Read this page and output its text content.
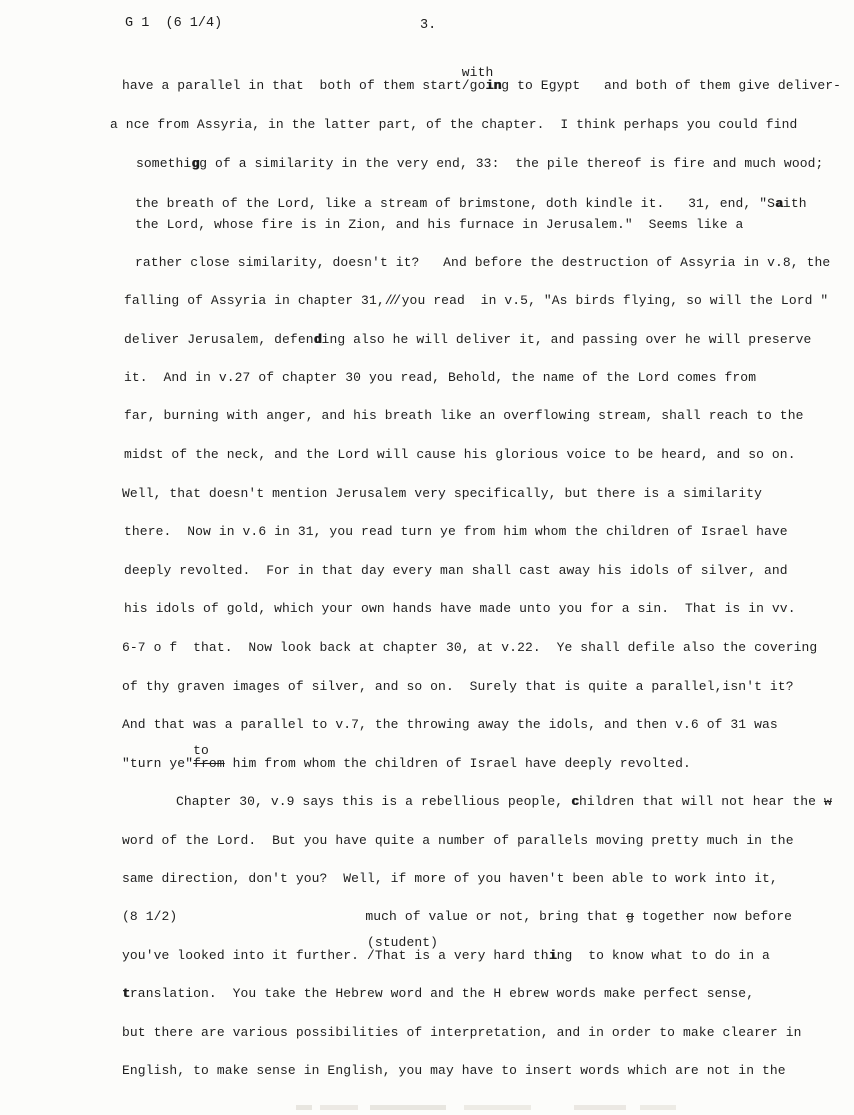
G 1  (6 1/4)	3.
have a parallel in that  both of them start/
with
going to Egypt   and both of them give deliver-
a nce from Assyria, in the latter part, of the chapter.  I think perhaps you could find
somethigg of a similarity in the very end, 33:  the pile thereof is fire and much wood;
the breath of the Lord, like a stream of brimstone, doth kindle it.   31, end, "Saith
the Lord, whose fire is in Zion, and his furnace in Jerusalem."  Seems like a
rather close similarity, doesn't it?   And before the destruction of Assyria in v.8, the
falling of Assyria in chapter 31,/// you read  in v.5, "As birds flying, so will the Lord "
deliver Jerusalem, defending also he will deliver it, and passing over he will preserve
it.  And in v.27 of chapter 30 you read, Behold, the name of the Lord comes from
far, burning with anger, and his breath like an overflowing stream, shall reach to the
midst of the neck, and the Lord will cause his glorious voice to be heard, and so on.
Well, that doesn't mention Jerusalem very specifically, but there is a similarity
there.  Now in v.6 in 31, you read turn ye from him whom the children of Israel have
deeply revolted.  For in that day every man shall cast away his idols of silver, and
his idols of gold, which your own hands have made unto you for a sin.  That is in vv.
6-7 o f  that.  Now look back at chapter 30, at v.22.  Ye shall defile also the covering
of thy graven images of silver, and so on.  Surely that is quite a parallel,isn't it?
And that was a parallel to v.7, the throwing away the idols, and then v.6 of 31 was
"turn ye"from
to
him from whom the children of Israel have deeply revolted.
Chapter 30, v.9 says this is a rebellious people, children that will not hear the w
word of the Lord.  But you have quite a number of parallels moving pretty much in the
same direction, don't you?  Well, if more of you haven't been able to work into it,
(8 1/2)	much of value or not, bring that g together now before
you've looked into it further. /That
(student)
is a very hard thing  to know what to do in a
translation.  You take the Hebrew word and the H ebrew words make perfect sense,
but there are various possibilities of interpretation, and in order to make clearer in
English, to make sense in English, you may have to insert words which are not in the
